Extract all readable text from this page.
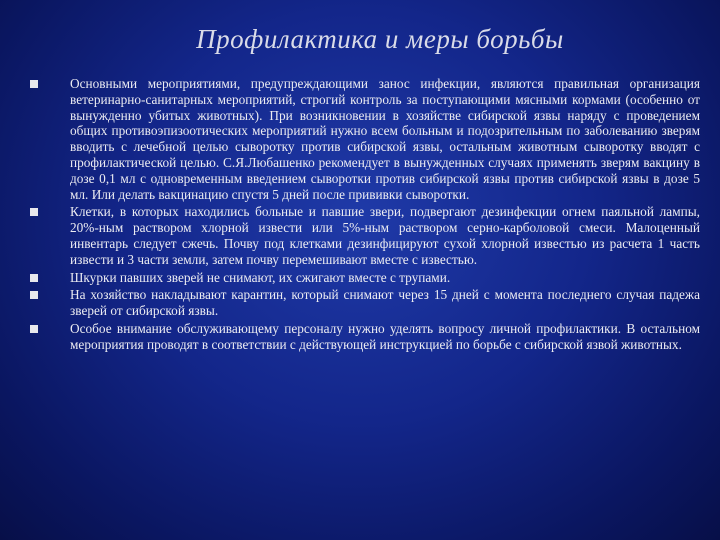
Профилактика и меры борьбы
Основными мероприятиями, предупреждающими занос инфекции, являются правильная организация ветеринарно-санитарных мероприятий, строгий контроль за поступающими мясными кормами (особенно от вынужденно убитых животных). При возникновении в хозяйстве сибирской язвы наряду с проведением общих противоэпизоотических мероприятий нужно всем больным и подозрительным по заболеванию зверям вводить с лечебной целью сыворотку против сибирской язвы, остальным животным сыворотку вводят с профилактической целью. С.Я.Любашенко рекомендует в вынужденных случаях применять зверям вакцину в дозе 0,1 мл с одновременным введением сыворотки против сибирской язвы против сибирской язвы в дозе 5 мл. Или делать вакцинацию спустя 5 дней после прививки сыворотки.
Клетки, в которых находились больные и павшие звери, подвергают дезинфекции огнем паяльной лампы, 20%-ным раствором хлорной извести или 5%-ным раствором серно-карболовой смеси. Малоценный инвентарь следует сжечь. Почву под клетками дезинфицируют сухой хлорной известью из расчета 1 часть извести и 3 части земли, затем почву перемешивают вместе с известью.
Шкурки павших зверей не снимают, их сжигают вместе с трупами.
На хозяйство накладывают карантин, который снимают через 15 дней с момента последнего случая падежа зверей от сибирской язвы.
Особое внимание обслуживающему персоналу нужно уделять вопросу личной профилактики. В остальном мероприятия проводят в соответствии с действующей инструкцией по борьбе с сибирской язвой животных.
